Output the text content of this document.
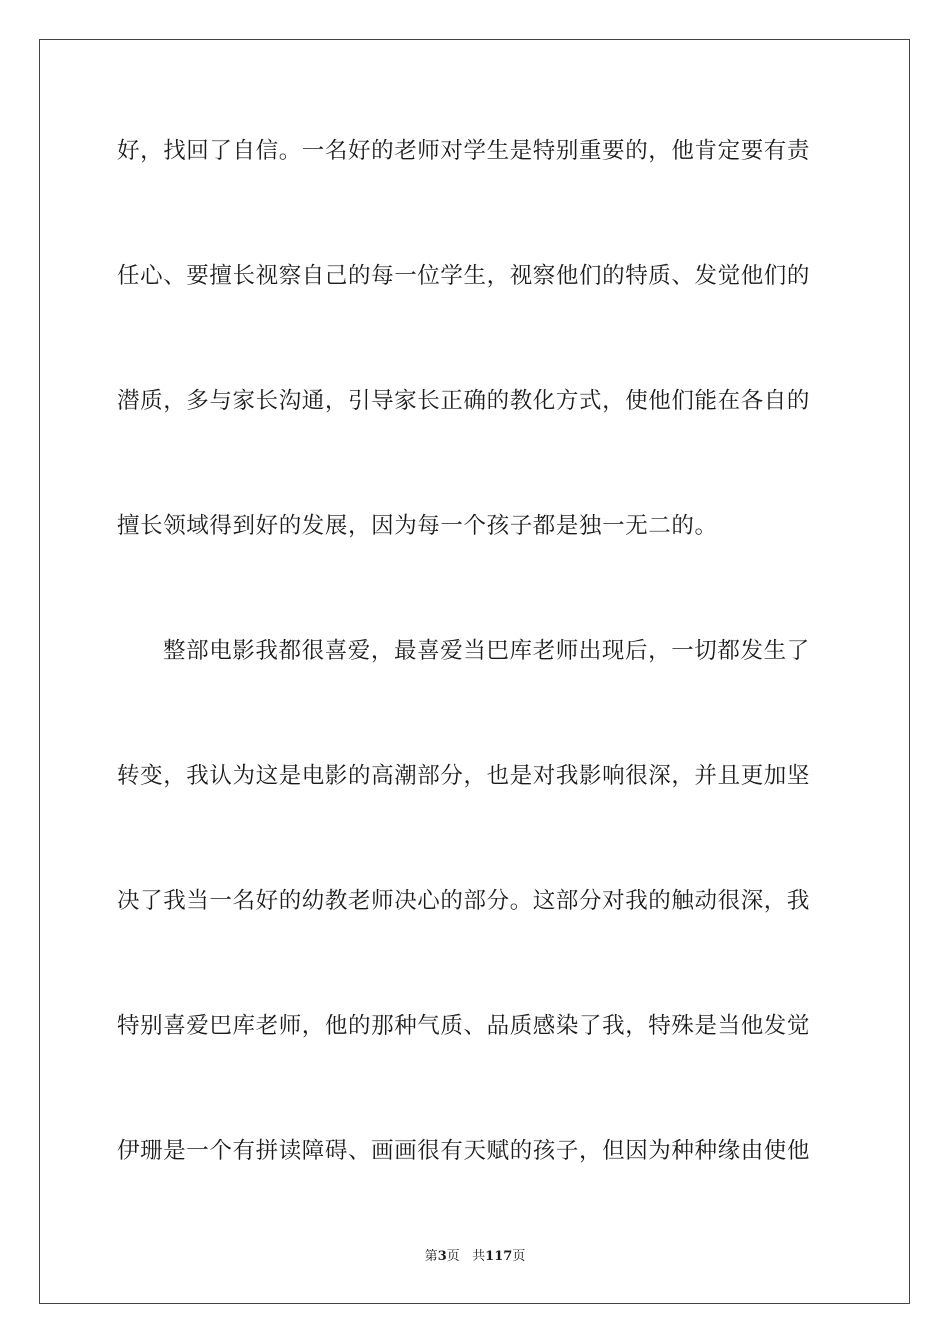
好，找回了自信。一名好的老师对学生是特别重要的，他肯定要有责
任心、要擅长视察自己的每一位学生，视察他们的特质、发觉他们的
潜质，多与家长沟通，引导家长正确的教化方式，使他们能在各自的
擅长领域得到好的发展，因为每一个孩子都是独一无二的。
整部电影我都很喜爱，最喜爱当巴库老师出现后，一切都发生了
转变，我认为这是电影的高潮部分，也是对我影响很深，并且更加坚
决了我当一名好的幼教老师决心的部分。这部分对我的触动很深，我
特别喜爱巴库老师，他的那种气质、品质感染了我，特殊是当他发觉
伊珊是一个有拼读障碍、画画很有天赋的孩子，但因为种种缘由使他
第3页 共117页
